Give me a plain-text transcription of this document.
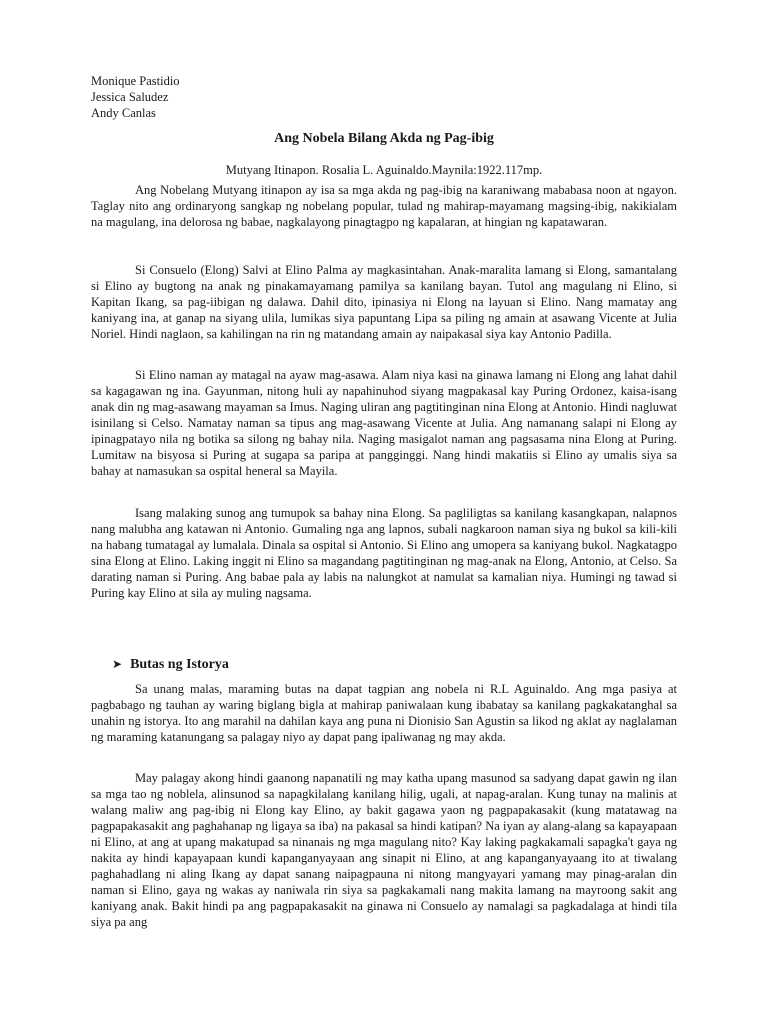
Monique Pastidio
Jessica Saludez
Andy Canlas
Ang Nobela Bilang Akda ng Pag-ibig
Mutyang Itinapon. Rosalia L. Aguinaldo.Maynila:1922.117mp.

Ang Nobelang Mutyang itinapon ay isa sa mga akda ng pag-ibig na karaniwang mababasa noon at ngayon. Taglay nito ang ordinaryong sangkap ng nobelang popular, tulad ng mahirap-mayamang magsing-ibig, nakikialam na magulang, ina delorosa ng babae, nagkalayong pinagtagpo ng kapalaran, at hingian ng kapatawaran.

Si Consuelo (Elong) Salvi at Elino Palma ay magkasintahan. Anak-maralita lamang si Elong, samantalang si Elino ay bugtong na anak ng pinakamayamang pamilya sa kanilang bayan. Tutol ang magulang ni Elino, si Kapitan Ikang, sa pag-iibigan ng dalawa. Dahil dito, ipinasiya ni Elong na layuan si Elino. Nang mamatay ang kaniyang ina, at ganap na siyang ulila, lumikas siya papuntang Lipa sa piling ng amain at asawang Vicente at Julia Noriel. Hindi naglaon, sa kahilingan na rin ng matandang amain ay naipakasal siya kay Antonio Padilla.

Si Elino naman ay matagal na ayaw mag-asawa. Alam niya kasi na ginawa lamang ni Elong ang lahat dahil sa kagagawan ng ina. Gayunman, nitong huli ay napahinuhod siyang magpakasal kay Puring Ordonez, kaisa-isang anak din ng mag-asawang mayaman sa Imus. Naging uliran ang pagtitinginan nina Elong at Antonio. Hindi nagluwat isinilang si Celso. Namatay naman sa tipus ang mag-asawang Vicente at Julia. Ang namanang salapi ni Elong ay ipinagpatayo nila ng botika sa silong ng bahay nila. Naging masigalot naman ang pagsasama nina Elong at Puring. Lumitaw na bisyosa si Puring at sugapa sa paripa at pangginggi. Nang hindi makatiis si Elino ay umalis siya sa bahay at namasukan sa ospital heneral sa Mayila.

Isang malaking sunog ang tumupok sa bahay nina Elong. Sa pagliligtas sa kanilang kasangkapan, nalapnos nang malubha ang katawan ni Antonio. Gumaling nga ang lapnos, subali nagkaroon naman siya ng bukol sa kili-kili na habang tumatagal ay lumalala. Dinala sa ospital si Antonio. Si Elino ang umopera sa kaniyang bukol. Nagkatagpo sina Elong at Elino. Laking inggit ni Elino sa magandang pagtitinginan ng mag-anak na Elong, Antonio, at Celso. Sa darating naman si Puring. Ang babae pala ay labis na nalungkot at namulat sa kamalian niya. Humingi ng tawad si Puring kay Elino at sila ay muling nagsama.

➤ Butas ng Istorya

Sa unang malas, maraming butas na dapat tagpian ang nobela ni R.L Aguinaldo. Ang mga pasiya at pagbabago ng tauhan ay waring biglang bigla at mahirap paniwalaan kung ibabatay sa kanilang pagkakatanghal sa unahin ng istorya. Ito ang marahil na dahilan kaya ang puna ni Dionisio San Agustin sa likod ng aklat ay naglalaman ng maraming katanungang sa palagay niyo ay dapat pang ipaliwanag ng may akda.

May palagay akong hindi gaanong napanatili ng may katha upang masunod sa sadyang dapat gawin ng ilan sa mga tao ng noblela, alinsunod sa napagkilalang kanilang hilig, ugali, at napag-aralan. Kung tunay na malinis at walang maliw ang pag-ibig ni Elong kay Elino, ay bakit gagawa yaon ng pagpapakasakit (kung matatawag na pagpapakasakit ang paghahanap ng ligaya sa iba) na pakasal sa hindi katipan? Na iyan ay alang-alang sa kapayapaan ni Elino, at ang at upang makatupad sa ninanais ng mga magulang nito? Kay laking pagkakamali sapagka't gaya ng nakita ay hindi kapayapaan kundi kapanganyayaan ang sinapit ni Elino, at ang kapanganyayaang ito at tiwalang paghahadlang ni aling Ikang ay dapat sanang naipagpauna ni nitong mangyayari yamang may pinag-aralan din naman si Elino, gaya ng wakas ay naniwala rin siya sa pagkakamali nang makita lamang na mayroong sakit ang kaniyang anak. Bakit hindi pa ang pagpapakasakit na ginawa ni Consuelo ay namalagi sa pagkadalaga at hindi tila siya pa ang
